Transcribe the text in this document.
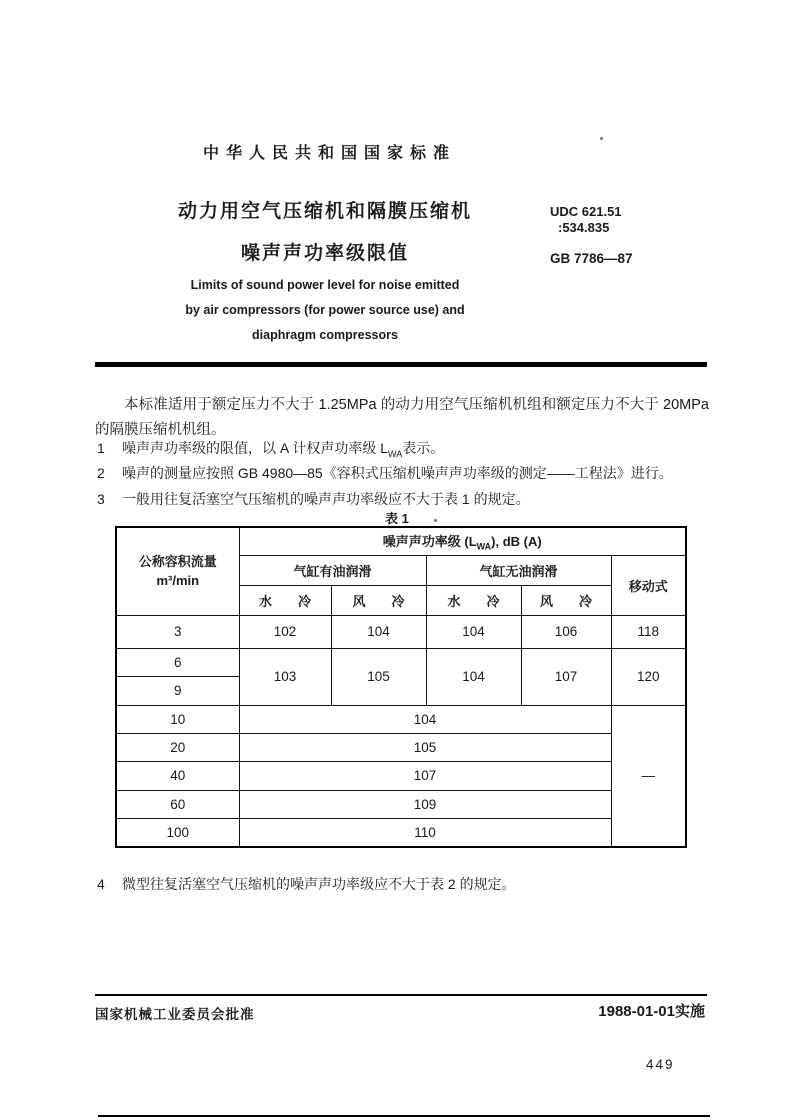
中华人民共和国国家标准
动力用空气压缩机和隔膜压缩机
噪声声功率级限值
UDC 621.51
:534.835
GB 7786—87
Limits of sound power level for noise emitted
by air compressors (for power source use) and
diaphragm compressors
本标准适用于额定压力不大于 1.25MPa 的动力用空气压缩机机组和额定压力不大于 20MPa 的隔膜压缩机机组。
1 噪声声功率级的限值，以 A 计权声功率级 $L_{WA}$表示。
2 噪声的测量应按照 GB 4980—85《容积式压缩机噪声声功率级的测定——工程法》进行。
3 一般用往复活塞空气压缩机的噪声声功率级应不大于表 1 的规定。
表 1
公称容积流量
m³/min	噪声声功率级 $(L_{WA})$, dB (A)				
	气缸有油润滑		气缸无油润滑		移动式
	水　　冷	风　　冷	水　　冷	风　　冷	
3	102	104	104	106	118
6	103	105	104	107	120
9					
10	104				—
20	105				
40	107				
60	109				
100	110				
4 微型往复活塞空气压缩机的噪声声功率级应不大于表 2 的规定。
国家机械工业委员会批准	1988-01-01实施
449
